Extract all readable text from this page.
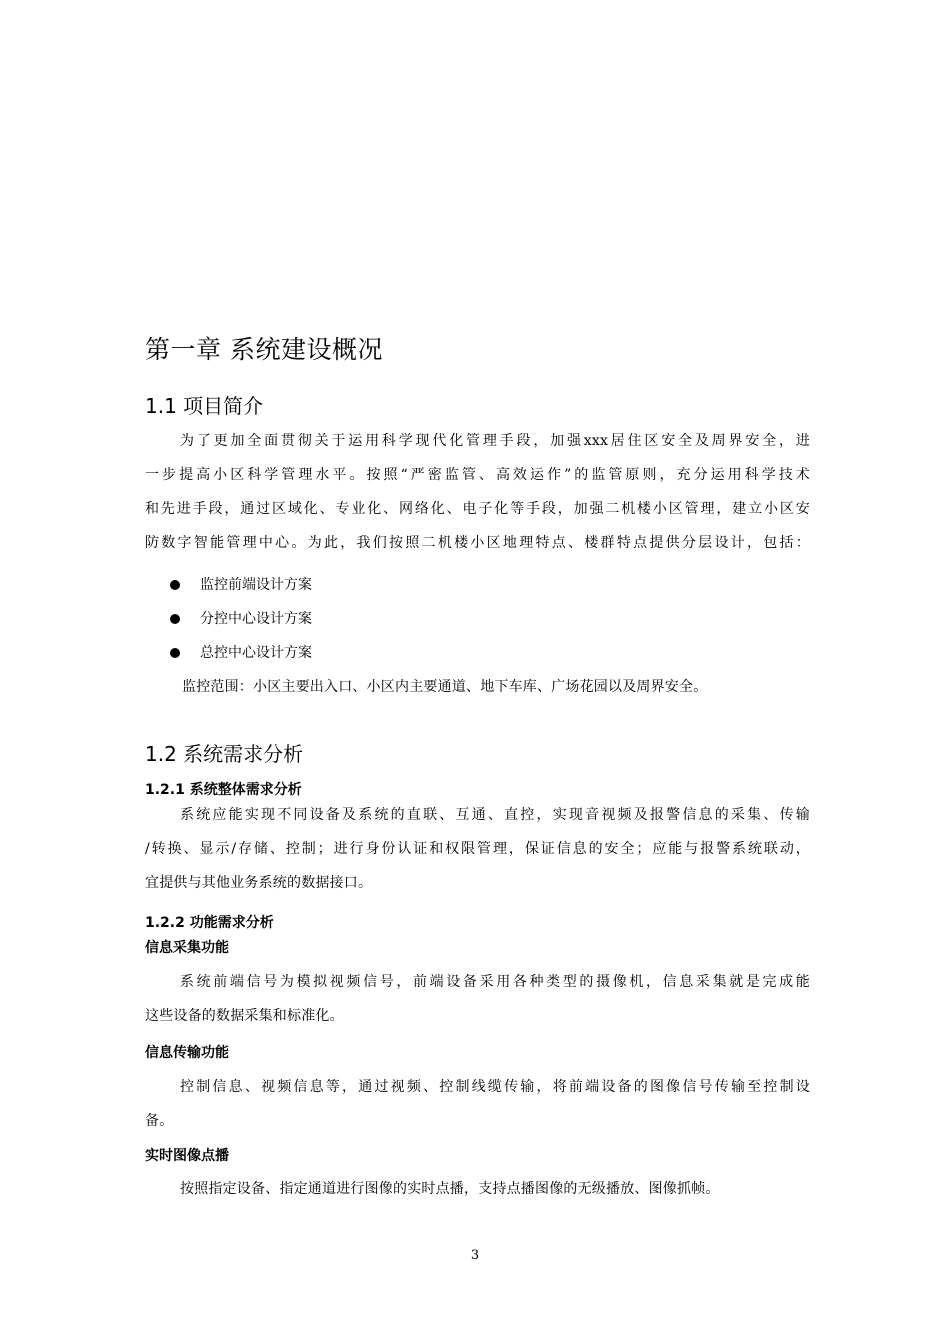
第一章 系统建设概况
1.1 项目简介
为了更加全面贯彻关于运用科学现代化管理手段，加强xxx居住区安全及周界安全，进
一步提高小区科学管理水平。按照“严密监管、高效运作”的监管原则，充分运用科学技术
和先进手段，通过区域化、专业化、网络化、电子化等手段，加强二机楼小区管理，建立小区安
防数字智能管理中心。为此，我们按照二机楼小区地理特点、楼群特点提供分层设计，包括：
监控前端设计方案
分控中心设计方案
总控中心设计方案
监控范围：小区主要出入口、小区内主要通道、地下车库、广场花园以及周界安全。
1.2 系统需求分析
1.2.1 系统整体需求分析
系统应能实现不同设备及系统的直联、互通、直控，实现音视频及报警信息的采集、传输
/转换、显示/存储、控制；进行身份认证和权限管理，保证信息的安全；应能与报警系统联动，
宜提供与其他业务系统的数据接口。
1.2.2 功能需求分析
信息采集功能
系统前端信号为模拟视频信号，前端设备采用各种类型的摄像机，信息采集就是完成能
这些设备的数据采集和标准化。
信息传输功能
控制信息、视频信息等，通过视频、控制线缆传输，将前端设备的图像信号传输至控制设
备。
实时图像点播
按照指定设备、指定通道进行图像的实时点播，支持点播图像的无级播放、图像抓帧。
3
